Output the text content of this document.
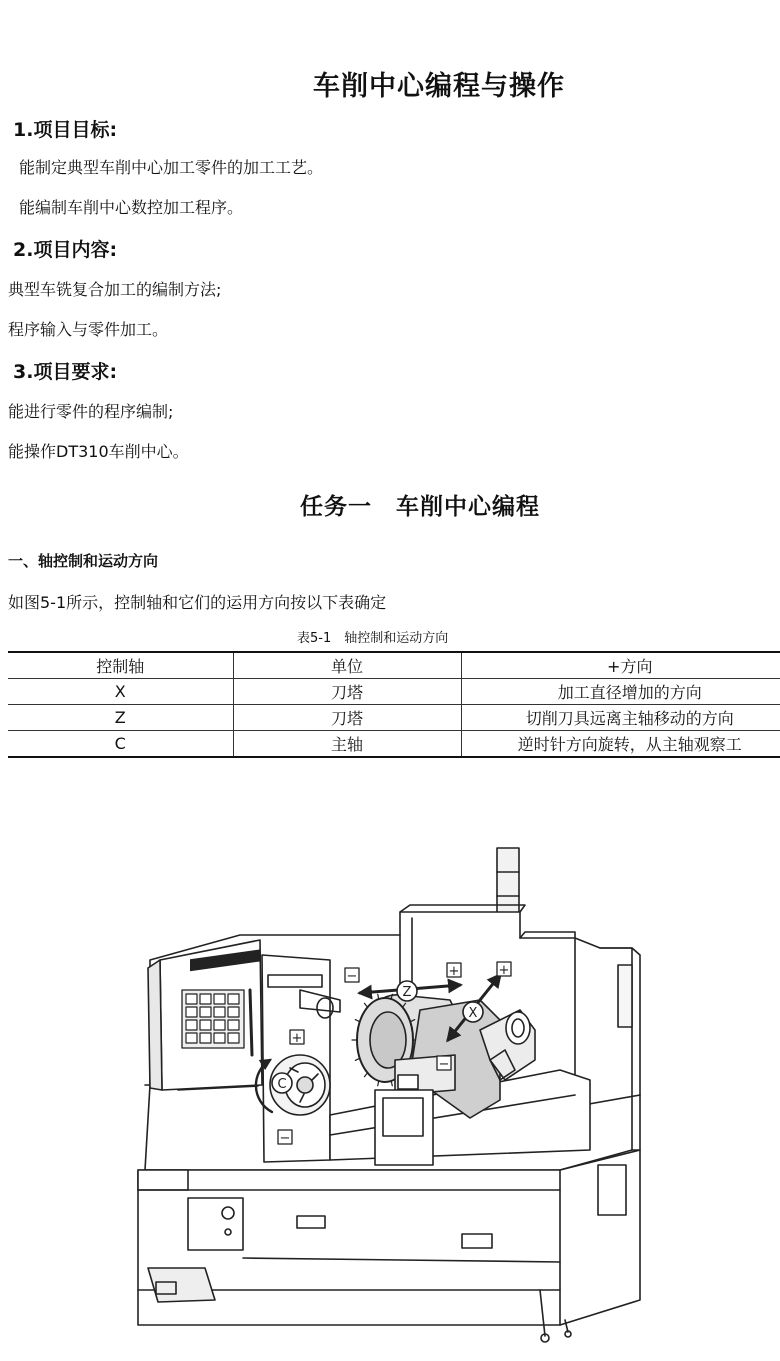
车削中心编程与操作
1.项目目标:
能制定典型车削中心加工零件的加工工艺。
能编制车削中心数控加工程序。
2.项目内容:
典型车铣复合加工的编制方法;
程序输入与零件加工。
3.项目要求:
能进行零件的程序编制;
能操作DT310车削中心。
任务一　车削中心编程
一、轴控制和运动方向
如图5-1所示，控制轴和它们的运用方向按以下表确定
表5-1　轴控制和运动方向
控制轴	单位	+方向
X	刀塔	加工直径增加的方向
Z	刀塔	切削刀具远离主轴移动的方向
C	主轴	逆时针方向旋转，从主轴观察工
Z
X
C
−	+	+
−
+
−
